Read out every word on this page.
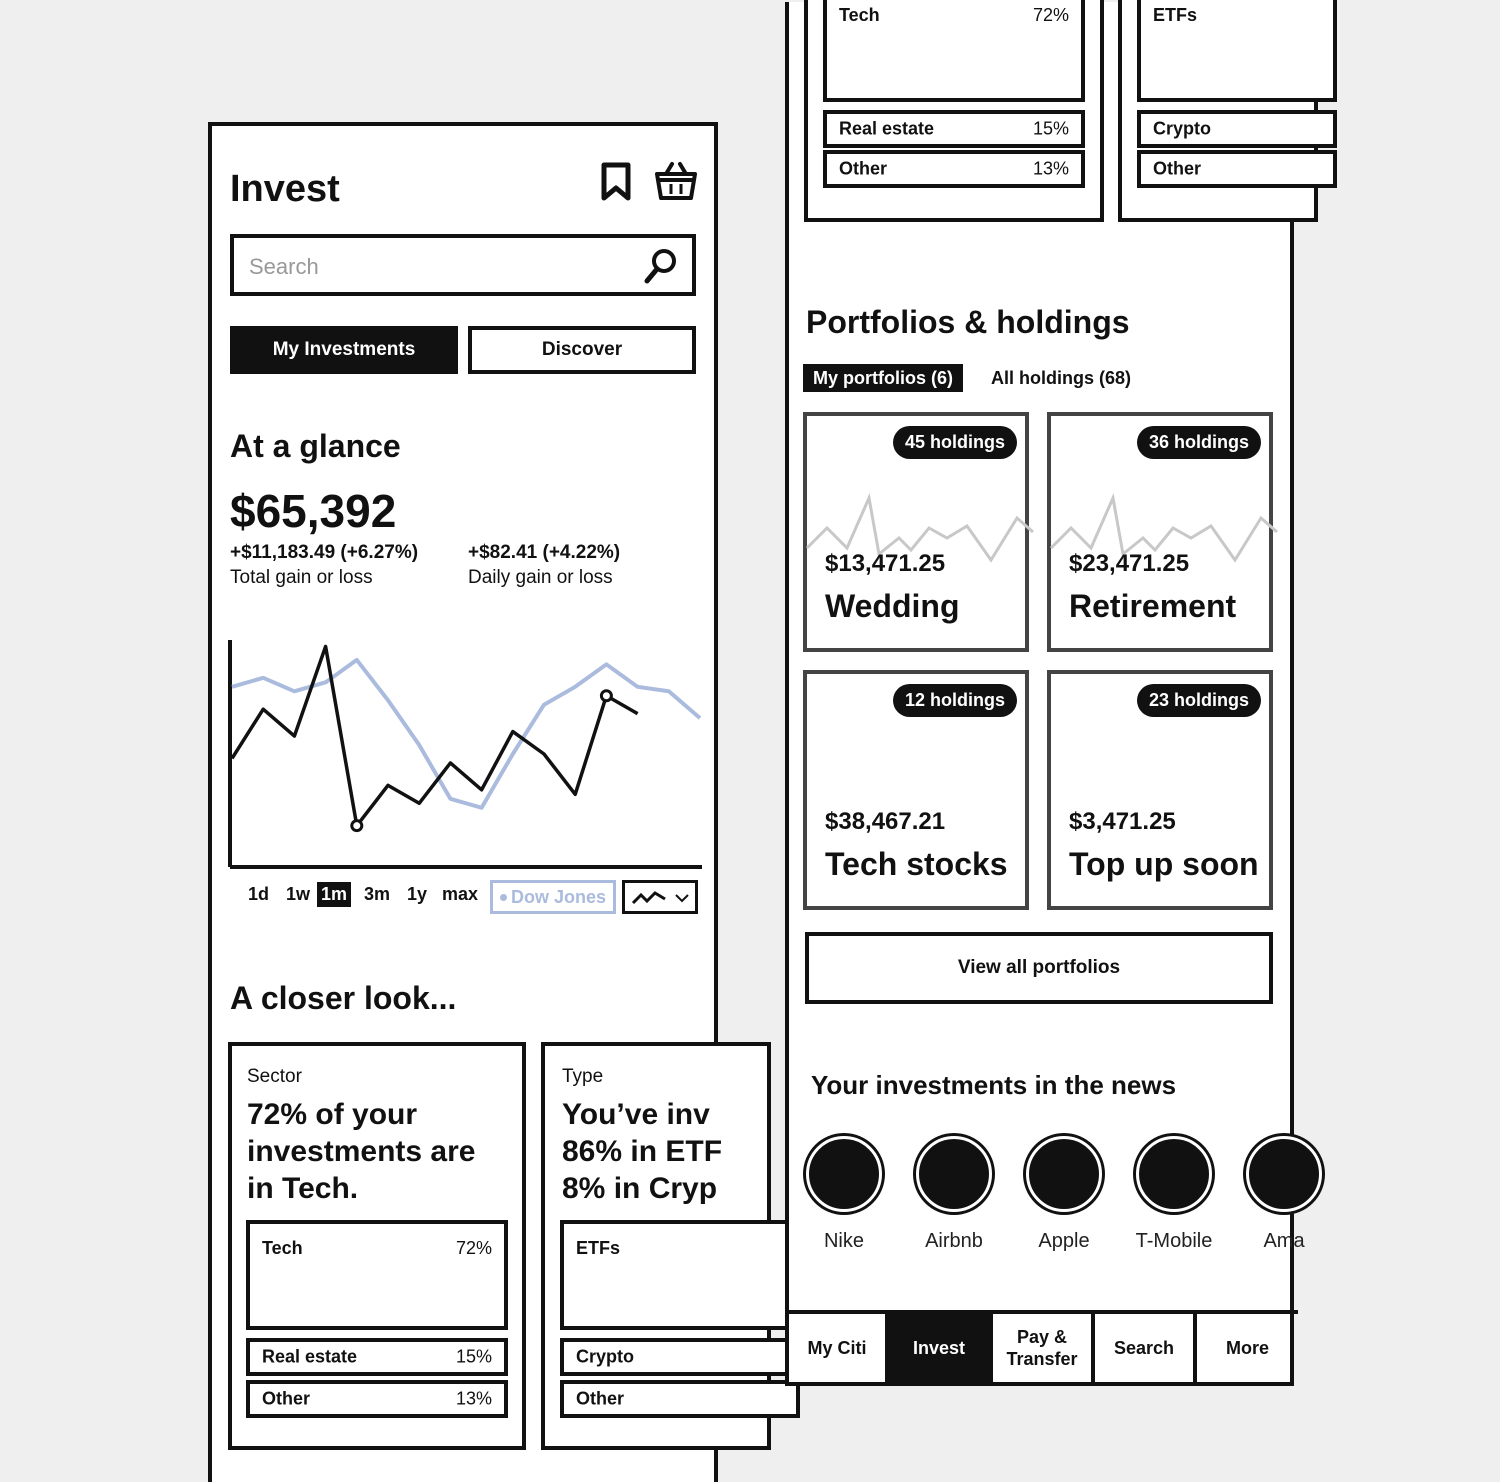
Invest
Search
My Investments	Discover
At a glance
$65,392
+$11,183.49 (+6.27%)
Total gain or loss
+$82.41 (+4.22%)
Daily gain or loss
1d 1w 1m 3m 1y max Dow Jones
A closer look...
Sector
72% of your
investments are
in Tech.
Tech	72%
Real estate	15%
Other	13%
Type
You’ve inv
86% in ETF
8% in Cryp
ETFs
Crypto
Other
Tech	72%
Real estate	15%
Other	13%
ETFs
Crypto
Other
Portfolios & holdings
My portfolios (6)	All holdings (68)
45 holdings
$13,471.25
Wedding
36 holdings
$23,471.25
Retirement
12 holdings
$38,467.21
Tech stocks
23 holdings
$3,471.25
Top up soon
View all portfolios
Your investments in the news
Nike	Airbnb	Apple	T-Mobile	Ama
My Citi	Invest
Pay & Transfer
Search	More
